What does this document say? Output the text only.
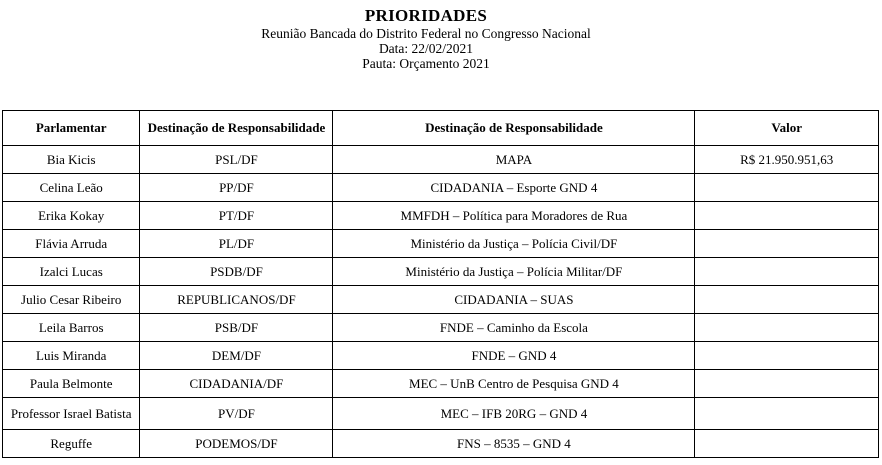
PRIORIDADES
Reunião Bancada do Distrito Federal no Congresso Nacional
Data: 22/02/2021
Pauta: Orçamento 2021
Parlamentar	Destinação de Responsabilidade	Destinação de Responsabilidade	Valor
Bia Kicis	PSL/DF	MAPA	R$ 21.950.951,63
Celina Leão	PP/DF	CIDADANIA – Esporte GND 4	
Erika Kokay	PT/DF	MMFDH – Política para Moradores de Rua	
Flávia Arruda	PL/DF	Ministério da Justiça – Polícia Civil/DF	
Izalci Lucas	PSDB/DF	Ministério da Justiça – Polícia Militar/DF	
Julio Cesar Ribeiro	REPUBLICANOS/DF	CIDADANIA – SUAS	
Leila Barros	PSB/DF	FNDE – Caminho da Escola	
Luis Miranda	DEM/DF	FNDE – GND 4	
Paula Belmonte	CIDADANIA/DF	MEC – UnB Centro de Pesquisa GND 4	
Professor Israel Batista	PV/DF	MEC – IFB 20RG – GND 4	
Reguffe	PODEMOS/DF	FNS – 8535 – GND 4	
